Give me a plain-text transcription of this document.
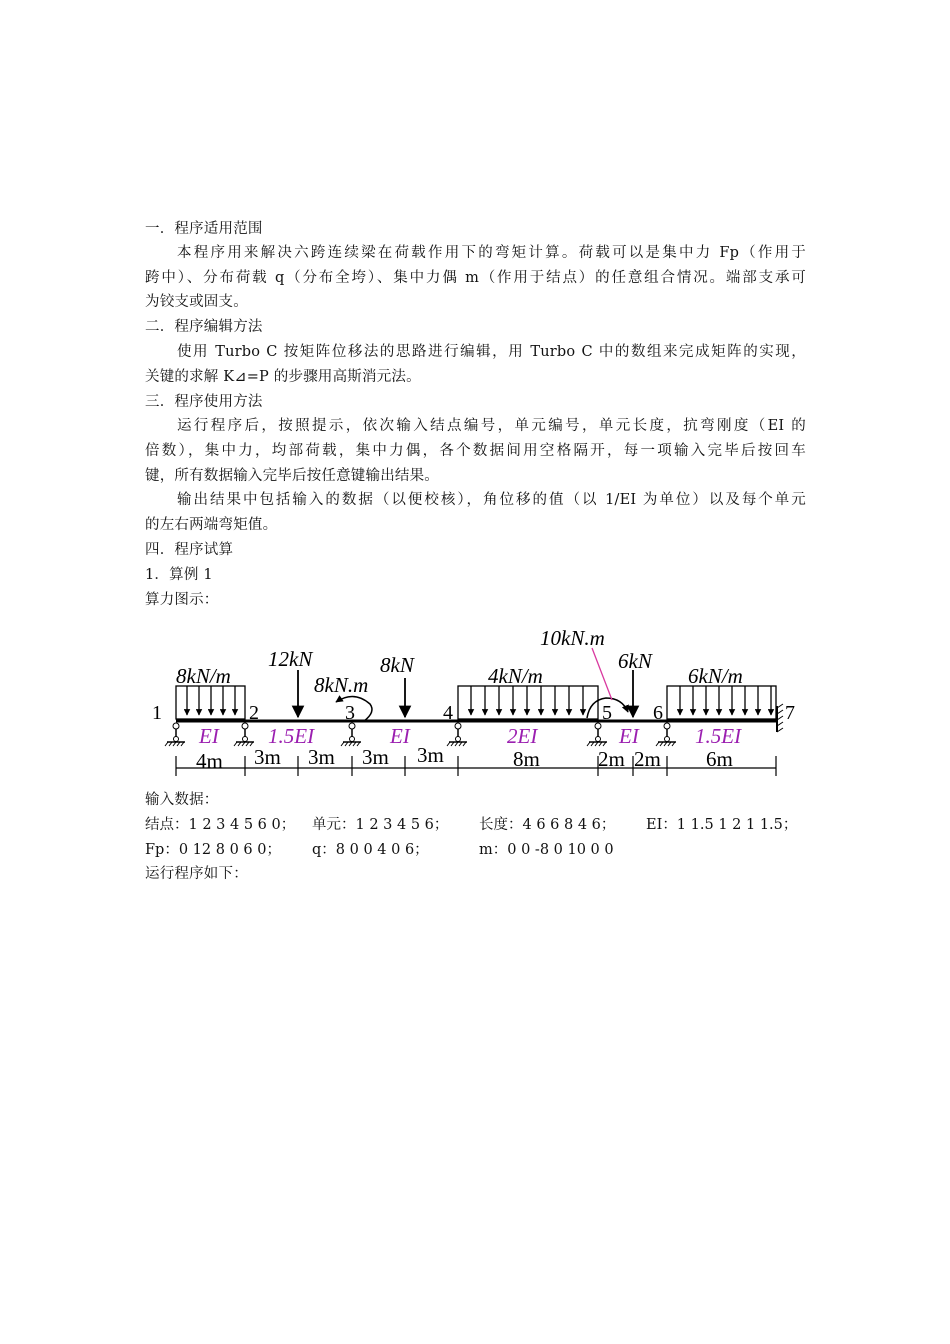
一．程序适用范围
本程序用来解决六跨连续梁在荷载作用下的弯矩计算。荷载可以是集中力 Fp（作用于
跨中）、分布荷载 q（分布全垮）、集中力偶 m（作用于结点）的任意组合情况。端部支承可
为铰支或固支。
二．程序编辑方法
使用 Turbo C 按矩阵位移法的思路进行编辑，用 Turbo C 中的数组来完成矩阵的实现，
关键的求解 K⊿=P 的步骤用高斯消元法。
三．程序使用方法
运行程序后，按照提示，依次输入结点编号，单元编号，单元长度，抗弯刚度（EI 的
倍数），集中力，均部荷载，集中力偶，各个数据间用空格隔开，每一项输入完毕后按回车
键，所有数据输入完毕后按任意键输出结果。
输出结果中包括输入的数据（以便校核），角位移的值（以 1/EI 为单位）以及每个单元
的左右两端弯矩值。
四．程序试算
1．算例 1
算力图示：
8kN/m
12kN
8kN.m
8kN	4kN/m
10kN.m
6kN
6kN/m
1	2	3	4	5 6	7
EI 1.5EI	EI	2EI	EI	1.5EI
4m 3m 3m 3m 3m	8m	2m 2m 6m
输入数据：
结点：1 2 3 4 5 6 0； 单元：1 2 3 4 5 6； 长度：4 6 6 8 4 6； EI：1 1.5 1 2 1 1.5；
Fp：0 12 8 0 6 0； q：8 0 0 4 0 6；	m：0 0 -8 0 10 0 0
运行程序如下：
